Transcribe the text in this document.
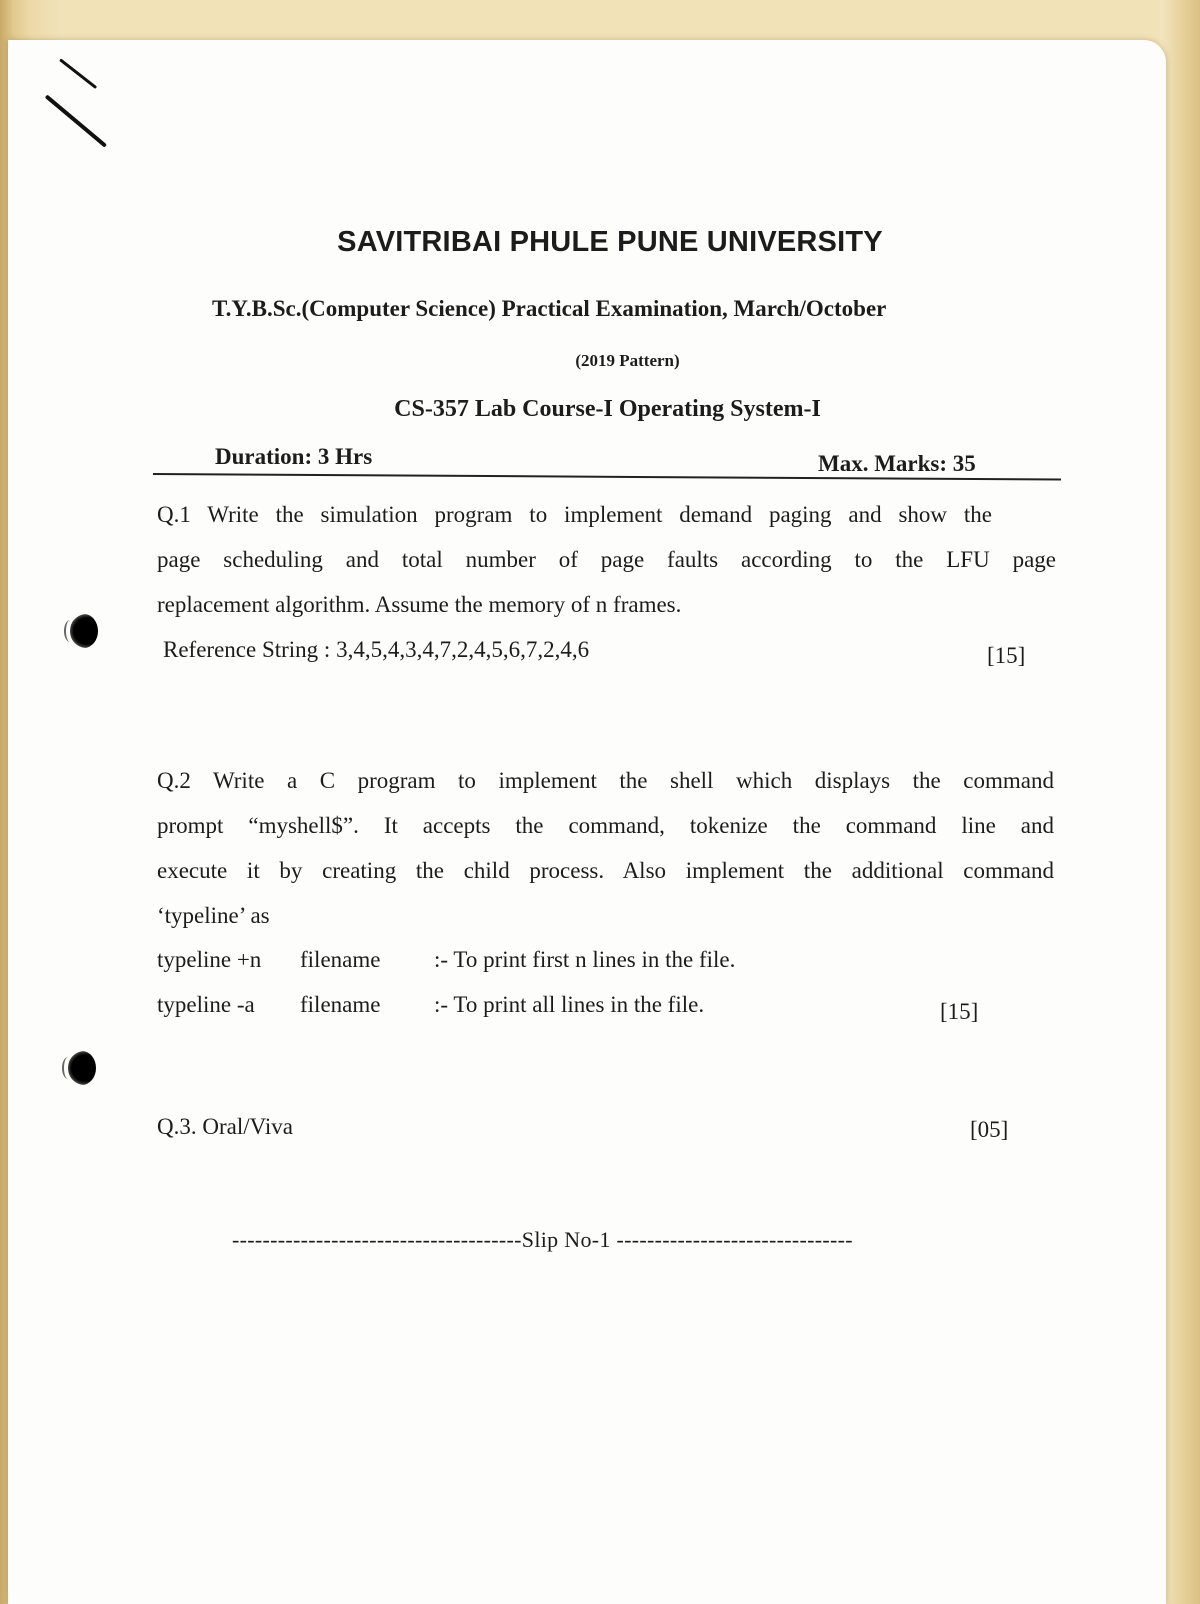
SAVITRIBAI PHULE PUNE UNIVERSITY
T.Y.B.Sc.(Computer Science) Practical Examination, March/October
(2019 Pattern)
CS-357 Lab Course-I Operating System-I
Duration: 3 Hrs	Max. Marks: 35
Q.1 Write the simulation program to implement demand paging and show the
page scheduling and total number of page faults according to the LFU page
replacement algorithm. Assume the memory of n frames.
Reference String : 3,4,5,4,3,4,7,2,4,5,6,7,2,4,6	[15]
Q.2 Write a C program to implement the shell which displays the command
prompt “myshell$”. It accepts the command, tokenize the command line and
execute it by creating the child process. Also implement the additional command
‘typeline’ as
typeline +n filename :- To print first n lines in the file.
typeline -a filename :- To print all lines in the file.	[15]
Q.3. Oral/Viva	[05]
--------------------------------------Slip No-1 -------------------------------
